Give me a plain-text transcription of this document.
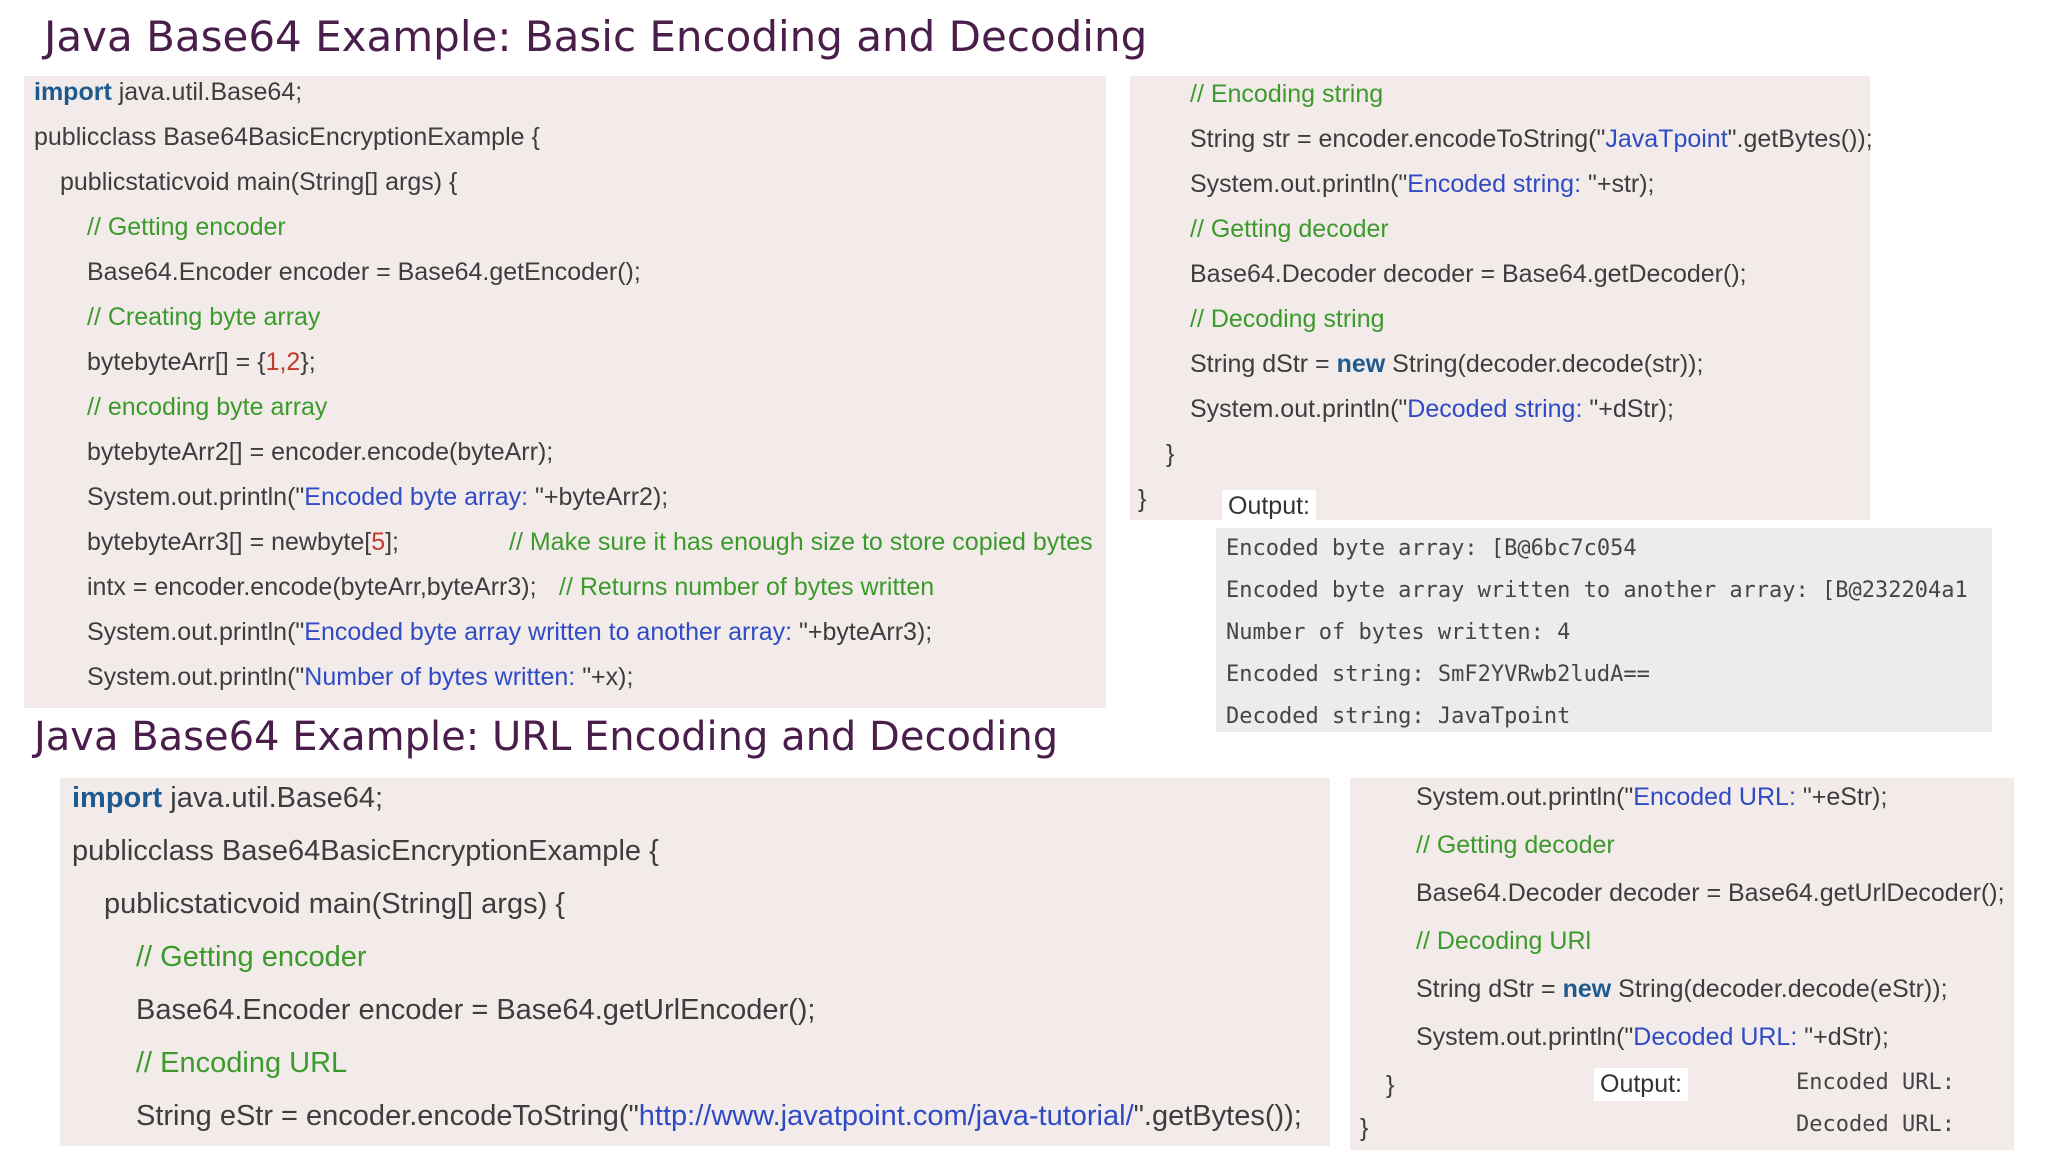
Java Base64 Example: Basic Encoding and Decoding
import java.util.Base64;
publicclass Base64BasicEncryptionExample {
publicstaticvoid main(String[] args) {
// Getting encoder
Base64.Encoder encoder = Base64.getEncoder();
// Creating byte array
bytebyteArr[] = {1,2};
// encoding byte array
bytebyteArr2[] = encoder.encode(byteArr);
System.out.println("Encoded byte array: "+byteArr2);
bytebyteArr3[] = newbyte[5];	// Make sure it has enough size to store copied bytes
intx = encoder.encode(byteArr,byteArr3); // Returns number of bytes written
System.out.println("Encoded byte array written to another array: "+byteArr3);
System.out.println("Number of bytes written: "+x);
// Encoding string
String str = encoder.encodeToString("JavaTpoint".getBytes());
System.out.println("Encoded string: "+str);
// Getting decoder
Base64.Decoder decoder = Base64.getDecoder();
// Decoding string
String dStr = new String(decoder.decode(str));
System.out.println("Decoded string: "+dStr);
}
}	Output:
Encoded byte array: [B@6bc7c054
Encoded byte array written to another array: [B@232204a1
Number of bytes written: 4
Encoded string: SmF2YVRwb2ludA==
Decoded string: JavaTpoint
Java Base64 Example: URL Encoding and Decoding
import java.util.Base64;
publicclass Base64BasicEncryptionExample {
publicstaticvoid main(String[] args) {
// Getting encoder
Base64.Encoder encoder = Base64.getUrlEncoder();
// Encoding URL
String eStr = encoder.encodeToString("http://www.javatpoint.com/java-tutorial/".getBytes());
System.out.println("Encoded URL: "+eStr);
// Getting decoder
Base64.Decoder decoder = Base64.getUrlDecoder();
// Decoding URl
String dStr = new String(decoder.decode(eStr));
System.out.println("Decoded URL: "+dStr);
}
}
Output:	Encoded URL:
Decoded URL:
